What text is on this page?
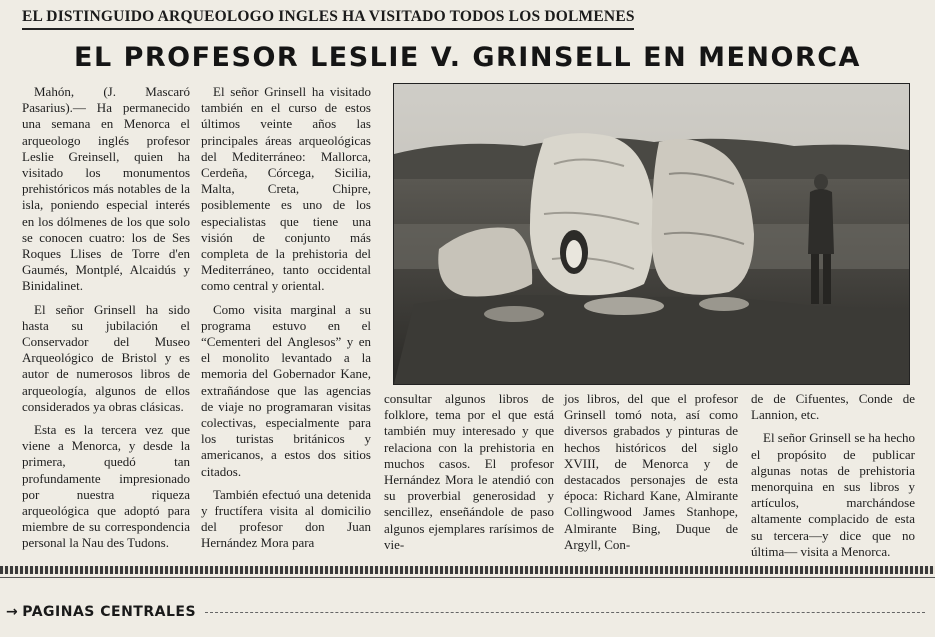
EL DISTINGUIDO ARQUEOLOGO INGLES HA VISITADO TODOS LOS DOLMENES
EL PROFESOR LESLIE V. GRINSELL EN MENORCA

Mahón, (J. Mascaró Pasarius).— Ha permanecido una semana en Menorca el arqueologo inglés profesor Leslie Greinsell, quien ha visitado los monumentos prehistóricos más notables de la isla, poniendo especial interés en los dólmenes de los que solo se conocen cuatro: los de Ses Roques Llises de Torre d'en Gaumés, Montplé, Alcaidús y Binidalinet.

El señor Grinsell ha sido hasta su jubilación el Conservador del Museo Arqueológico de Bristol y es autor de numerosos libros de arqueología, algunos de ellos considerados ya obras clásicas.

Esta es la tercera vez que viene a Menorca, y desde la primera, quedó tan profundamente impresionado por nuestra riqueza arqueológica que adoptó para miembre de su correspondencia personal la Nau des Tudons.

El señor Grinsell ha visitado también en el curso de estos últimos veinte años las principales áreas arqueológicas del Mediterráneo: Mallorca, Cerdeña, Córcega, Sicilia, Malta, Creta, Chipre, posiblemente es uno de los especialistas que tiene una visión de conjunto más completa de la prehistoria del Mediterráneo, tanto occidental como central y oriental.

Como visita marginal a su programa estuvo en el “Cementeri del Anglesos” y en el monolito levantado a la memoria del Gobernador Kane, extrañándose que las agencias de viaje no programaran visitas colectivas, especialmente para los turistas británicos y americanos, a estos dos sitios citados.

También efectuó una detenida y fructífera visita al domicilio del profesor don Juan Hernández Mora para

consultar algunos libros de folklore, tema por el que está también muy interesado y que relaciona con la prehistoria en muchos casos. El profesor Hernández Mora le atendió con su proverbial generosidad y sencillez, enseñándole de paso algunos ejemplares rarísimos de vie-

jos libros, del que el profesor Grinsell tomó nota, así como diversos grabados y pinturas de hechos históricos del siglo XVIII, de Menorca y de destacados personajes de esta época: Richard Kane, Almirante Collingwood James Stanhope, Almirante Bing, Duque de Argyll, Con-

de de Cifuentes, Conde de Lannion, etc.

El señor Grinsell se ha hecho el propósito de publicar algunas notas de prehistoria menorquina en sus libros y artículos, marchándose altamente complacido de esta su tercera—y dice que no última— visita a Menorca.

→ PAGINAS CENTRALES
